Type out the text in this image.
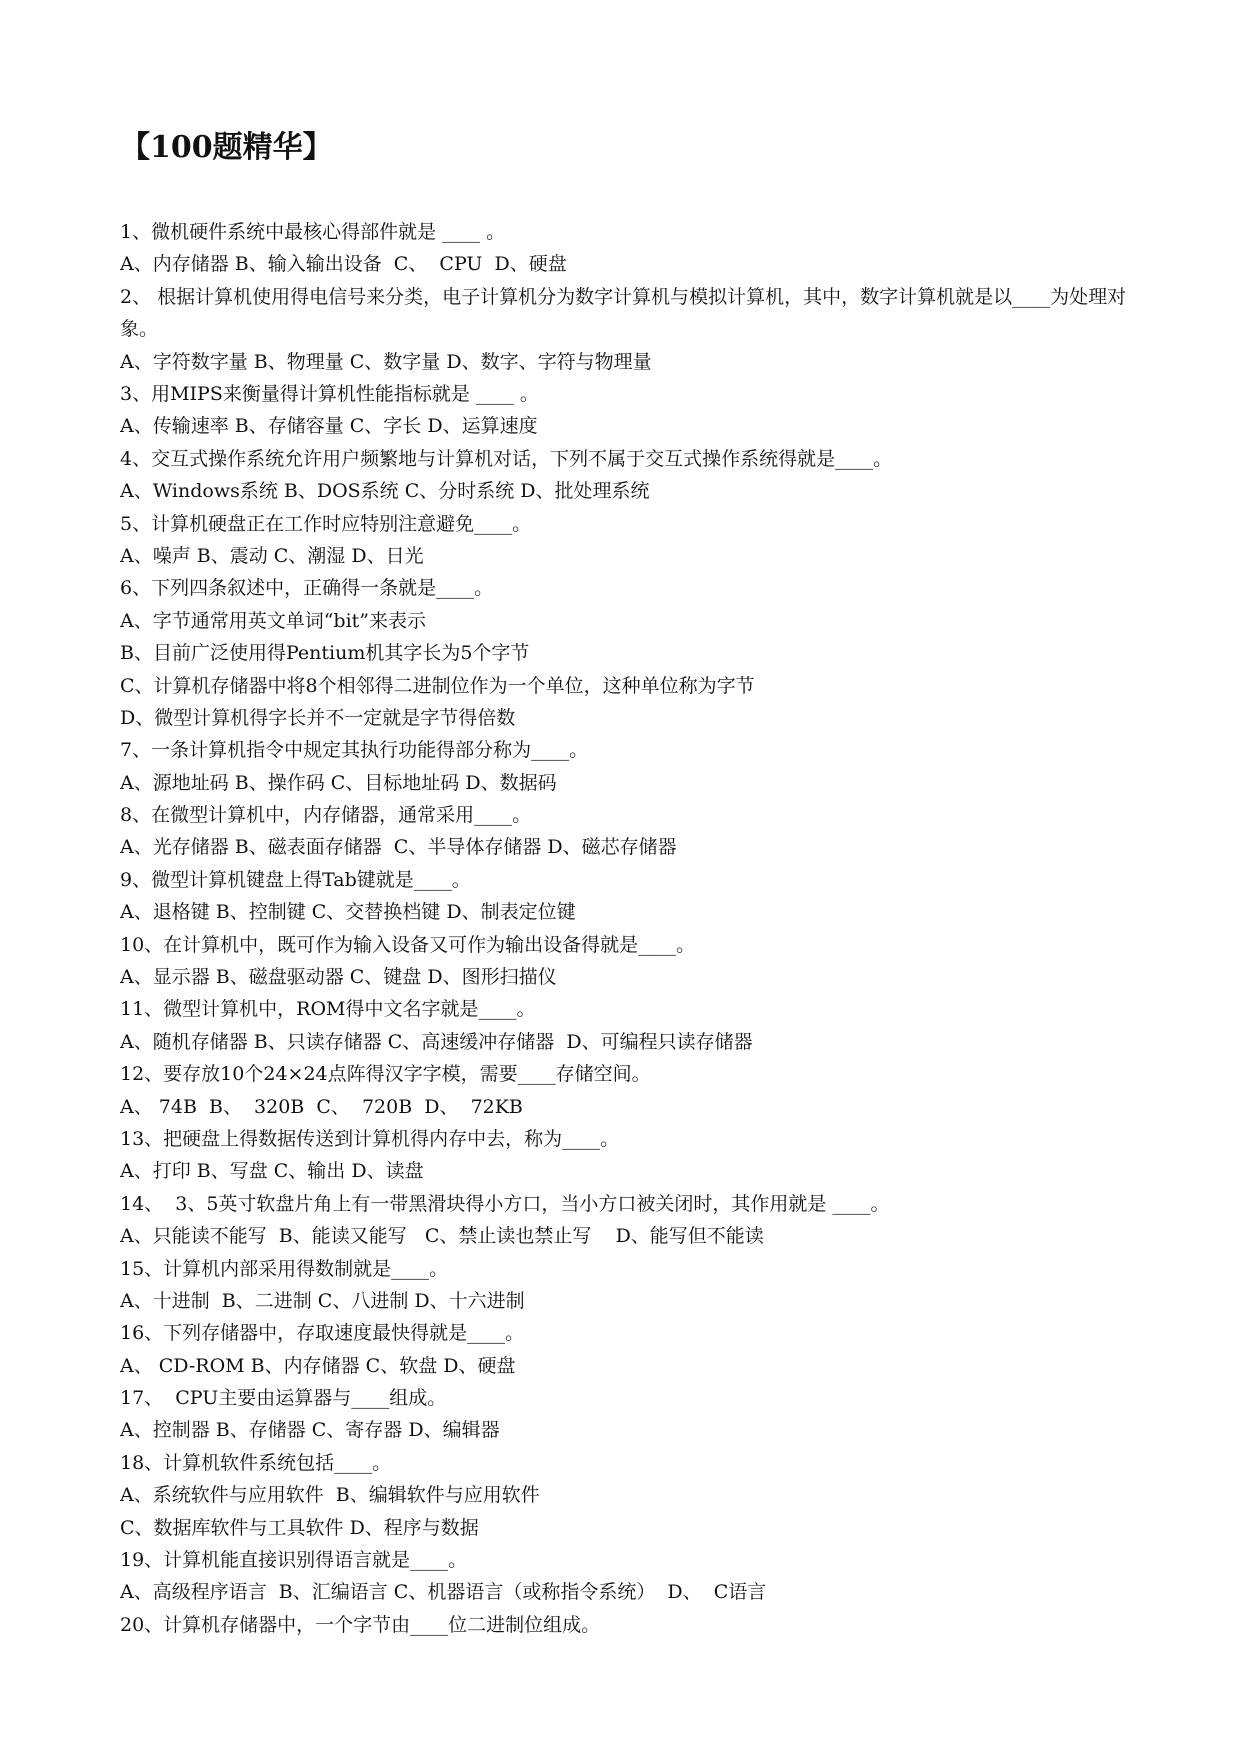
【100题精华】
1、微机硬件系统中最核心得部件就是 ____ 。
A、内存储器 B、输入输出设备  C、  CPU  D、硬盘
2、 根据计算机使用得电信号来分类，电子计算机分为数字计算机与模拟计算机，其中，数字计算机就是以____为处理对象。
A、字符数字量 B、物理量 C、数字量 D、数字、字符与物理量
3、用MIPS来衡量得计算机性能指标就是 ____ 。
A、传输速率 B、存储容量 C、字长 D、运算速度
4、交互式操作系统允许用户频繁地与计算机对话，下列不属于交互式操作系统得就是____。
A、Windows系统 B、DOS系统 C、分时系统 D、批处理系统
5、计算机硬盘正在工作时应特别注意避免____。
A、噪声 B、震动 C、潮湿 D、日光
6、下列四条叙述中，正确得一条就是____。
A、字节通常用英文单词“bit”来表示
B、目前广泛使用得Pentium机其字长为5个字节
C、计算机存储器中将8个相邻得二进制位作为一个单位，这种单位称为字节
D、微型计算机得字长并不一定就是字节得倍数
7、一条计算机指令中规定其执行功能得部分称为____。
A、源地址码 B、操作码 C、目标地址码 D、数据码
8、在微型计算机中，内存储器，通常采用____。
A、光存储器 B、磁表面存储器  C、半导体存储器 D、磁芯存储器
9、微型计算机键盘上得Tab键就是____。
A、退格键 B、控制键 C、交替换档键 D、制表定位键
10、在计算机中，既可作为输入设备又可作为输出设备得就是____。
A、显示器 B、磁盘驱动器 C、键盘 D、图形扫描仪
11、微型计算机中，ROM得中文名字就是____。
A、随机存储器 B、只读存储器 C、高速缓冲存储器  D、可编程只读存储器
12、要存放10个24×24点阵得汉字字模，需要____存储空间。
A、 74B  B、  320B  C、  720B  D、  72KB
13、把硬盘上得数据传送到计算机得内存中去，称为____。
A、打印 B、写盘 C、输出 D、读盘
14、  3、5英寸软盘片角上有一带黑滑块得小方口，当小方口被关闭时，其作用就是 ____。
A、只能读不能写  B、能读又能写   C、禁止读也禁止写    D、能写但不能读
15、计算机内部采用得数制就是____。
A、十进制  B、二进制 C、八进制 D、十六进制
16、下列存储器中，存取速度最快得就是____。
A、 CD-ROM B、内存储器 C、软盘 D、硬盘
17、  CPU主要由运算器与____组成。
A、控制器 B、存储器 C、寄存器 D、编辑器
18、计算机软件系统包括____。
A、系统软件与应用软件  B、编辑软件与应用软件
C、数据库软件与工具软件 D、程序与数据
19、计算机能直接识别得语言就是____。
A、高级程序语言  B、汇编语言 C、机器语言（或称指令系统）  D、  C语言
20、计算机存储器中，一个字节由____位二进制位组成。
